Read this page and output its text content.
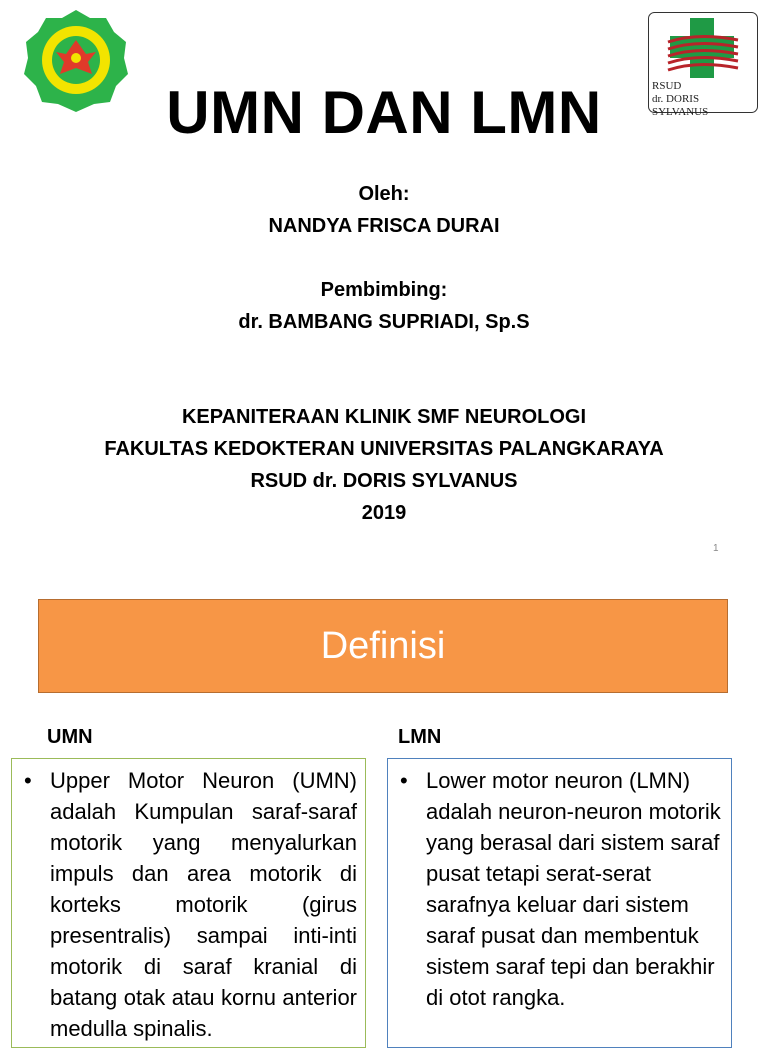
RSUD
dr. DORIS SYLVANUS
UMN DAN LMN
Oleh:
NANDYA FRISCA DURAI
Pembimbing:
dr. BAMBANG SUPRIADI, Sp.S
KEPANITERAAN KLINIK SMF NEUROLOGI
FAKULTAS KEDOKTERAN UNIVERSITAS PALANGKARAYA
RSUD dr. DORIS SYLVANUS
2019
1
Definisi
UMN	LMN
• Upper Motor Neuron (UMN) adalah Kumpulan saraf-saraf motorik yang menyalurkan impuls dan area motorik di korteks motorik (girus presentralis) sampai inti-inti motorik di saraf kranial di batang otak atau kornu anterior medulla spinalis.
• Lower motor neuron (LMN) adalah neuron-neuron motorik yang berasal dari sistem saraf pusat tetapi serat-serat sarafnya keluar dari sistem saraf pusat dan membentuk sistem saraf tepi dan berakhir di otot rangka.
